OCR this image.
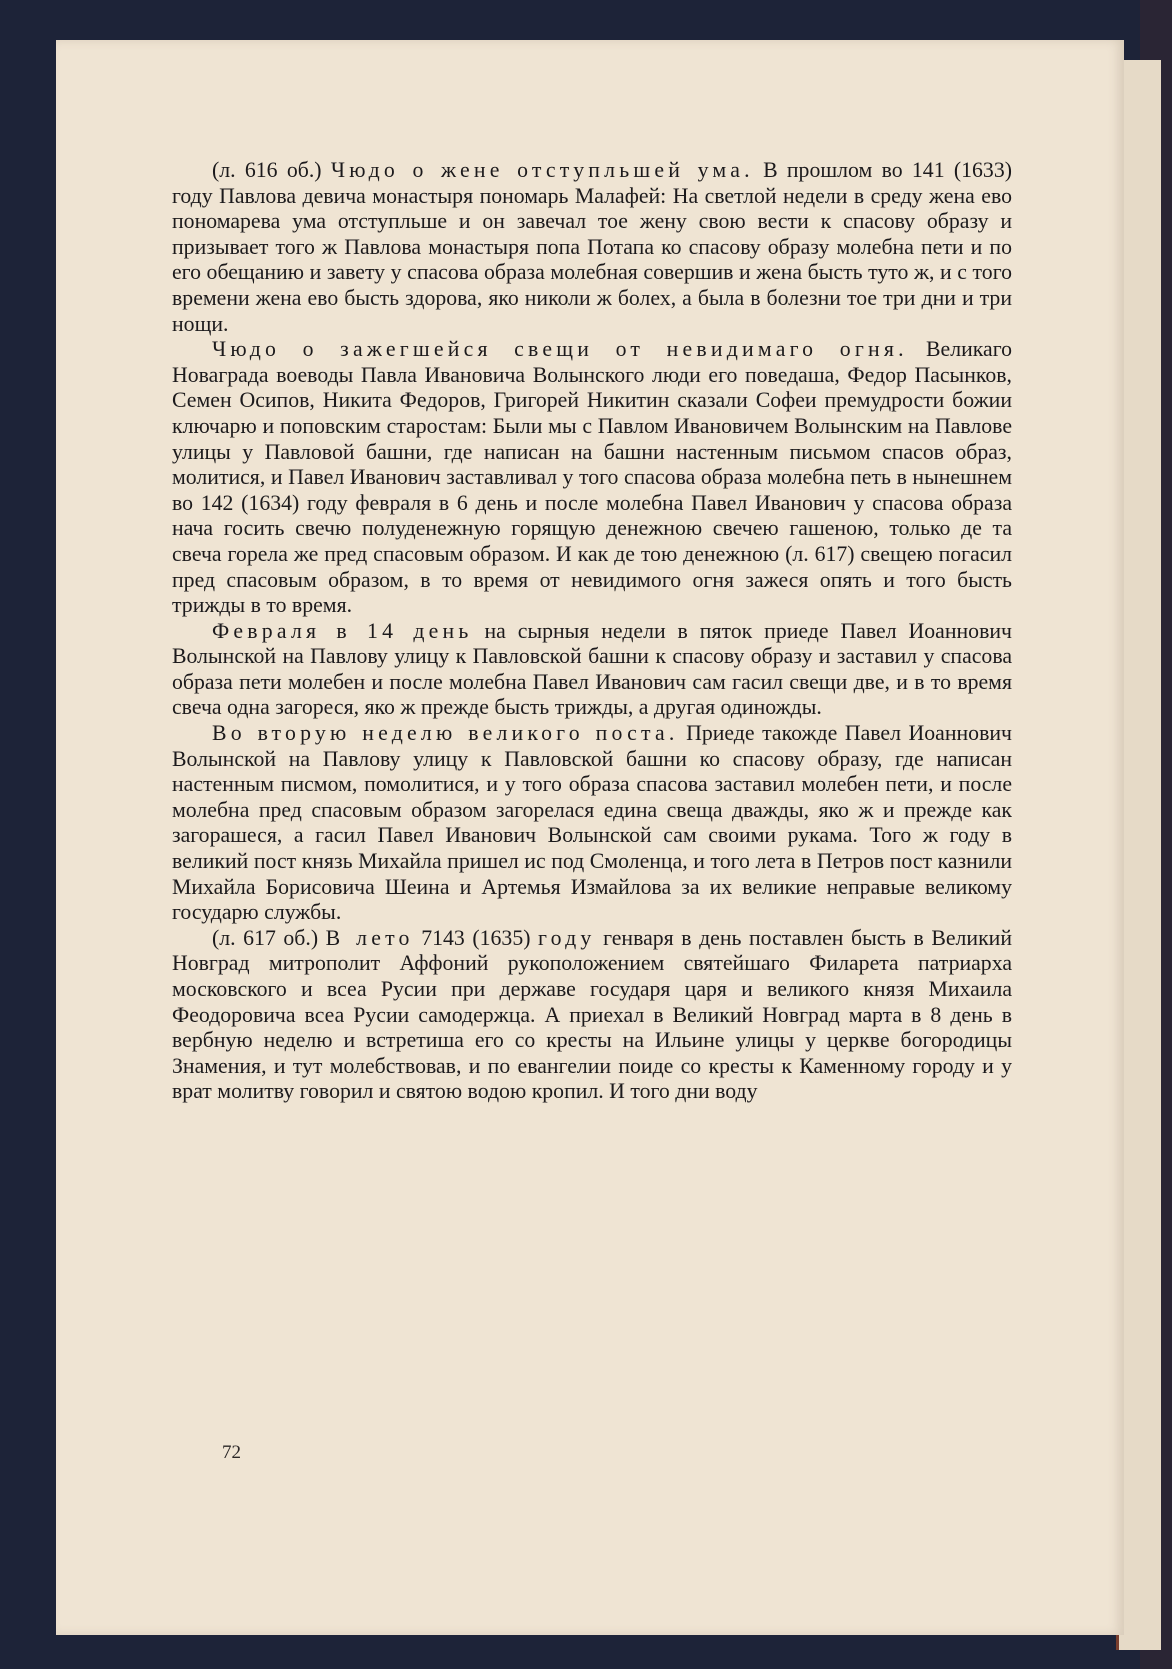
(л. 616 об.) Чюдо о жене отступльшей ума. В прошлом во 141 (1633) году Павлова девича монастыря пономарь Малафей: На светлой недели в среду жена ево пономарева ума отступльше и он завечал тое жену свою вести к спасову образу и призывает того ж Павлова монастыря попа Потапа ко спасову образу молебна пети и по его обещанию и завету у спасова образа молебная совершив и жена бысть туто ж, и с того времени жена ево бысть здорова, яко николи ж болех, а была в болезни тое три дни и три нощи.

Чюдо о зажегшейся свещи от невидимаго огня. Великаго Новаграда воеводы Павла Ивановича Волынского люди его поведаша, Федор Пасынков, Семен Осипов, Никита Федоров, Григорей Никитин сказали Софеи премудрости божии ключарю и поповским старостам: Были мы с Павлом Ивановичем Волынским на Павлове улицы у Павловой башни, где написан на башни настенным письмом спасов образ, молитися, и Павел Иванович заставливал у того спасова образа молебна петь в нынешнем во 142 (1634) году февраля в 6 день и после молебна Павел Иванович у спасова образа нача госить свечю полуденежную горящую денежною свечею гашеною, только де та свеча горела же пред спасовым образом. И как де тою денежною (л. 617) свещею погасил пред спасовым образом, в то время от невидимого огня зажеся опять и того бысть трижды в то время.

Февраля в 14 день на сырныя недели в пяток приеде Павел Иоаннович Волынской на Павлову улицу к Павловской башни к спасову образу и заставил у спасова образа пети молебен и после молебна Павел Иванович сам гасил свещи две, и в то время свеча одна загореся, яко ж прежде бысть трижды, а другая одиножды.

Во вторую неделю великого поста. Приеде такожде Павел Иоаннович Волынской на Павлову улицу к Павловской башни ко спасову образу, где написан настенным писмом, помолитися, и у того образа спасова заставил молебен пети, и после молебна пред спасовым образом загорелася едина свеща дважды, яко ж и прежде как загорашеся, а гасил Павел Иванович Волынской сам своими рукама. Того ж году в великий пост князь Михайла пришел ис под Смоленца, и того лета в Петров пост казнили Михайла Борисовича Шеина и Артемья Измайлова за их великие неправые великому государю службы.

(л. 617 об.) В лето 7143 (1635) году генваря в день поставлен бысть в Великий Новград митрополит Аффоний рукоположением святейшаго Филарета патриарха московского и всеа Русии при державе государя царя и великого князя Михаила Феодоровича всеа Русии самодержца. А приехал в Великий Новград марта в 8 день в вербную неделю и встретиша его со кресты на Ильине улицы у церкве богородицы Знамения, и тут молебствовав, и по евангелии поиде со кресты к Каменному городу и у врат молитву говорил и святою водою кропил. И того дни воду

72
